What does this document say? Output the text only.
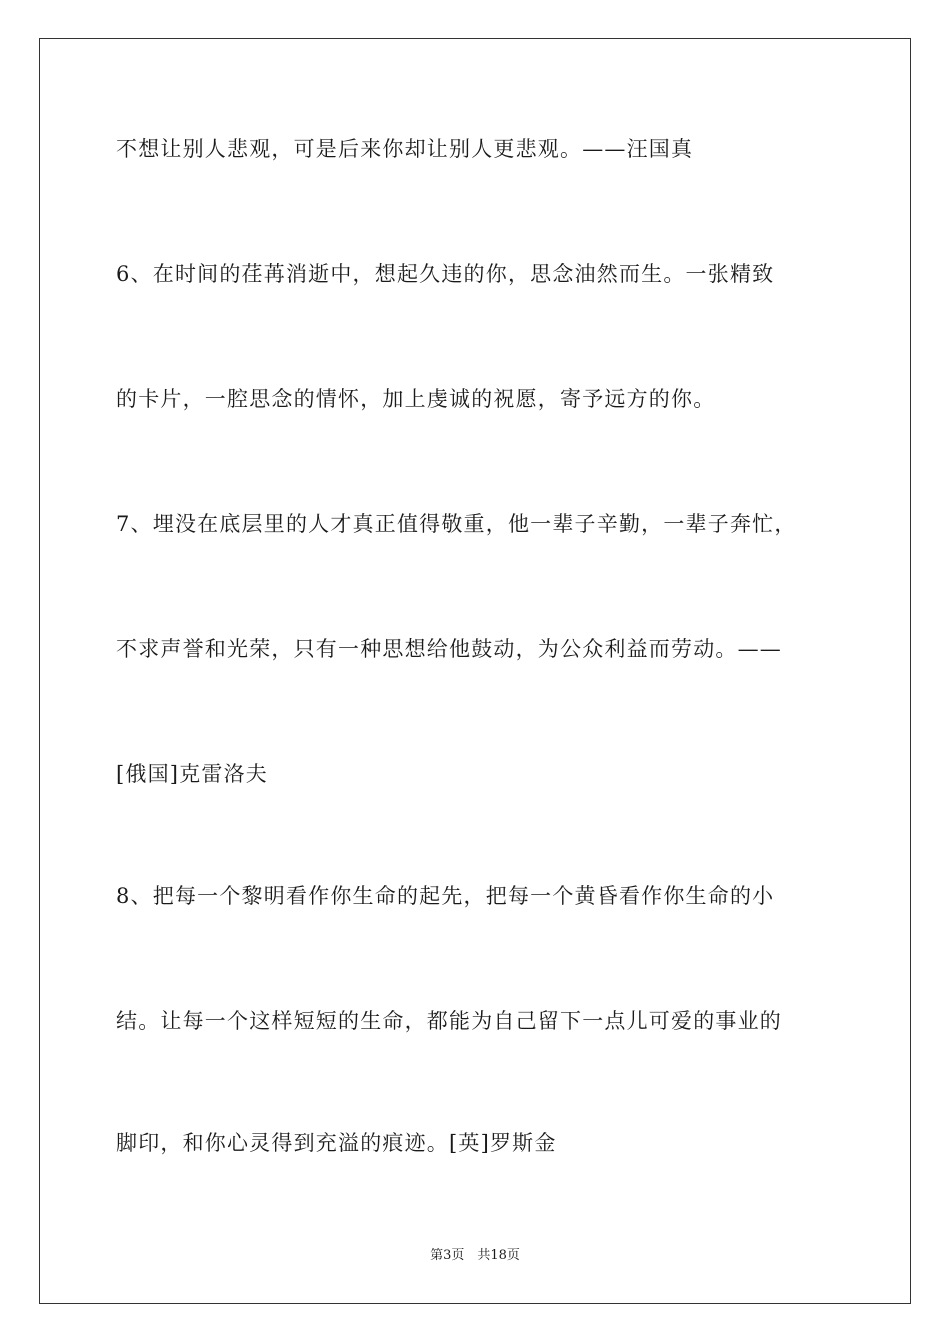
不想让别人悲观，可是后来你却让别人更悲观。——汪国真
6、在时间的荏苒消逝中，想起久违的你，思念油然而生。一张精致
的卡片，一腔思念的情怀，加上虔诚的祝愿，寄予远方的你。
7、埋没在底层里的人才真正值得敬重，他一辈子辛勤，一辈子奔忙，
不求声誉和光荣，只有一种思想给他鼓动，为公众利益而劳动。——
[俄国]克雷洛夫
8、把每一个黎明看作你生命的起先，把每一个黄昏看作你生命的小
结。让每一个这样短短的生命，都能为自己留下一点儿可爱的事业的
脚印，和你心灵得到充溢的痕迹。[英]罗斯金
第3页　共18页
